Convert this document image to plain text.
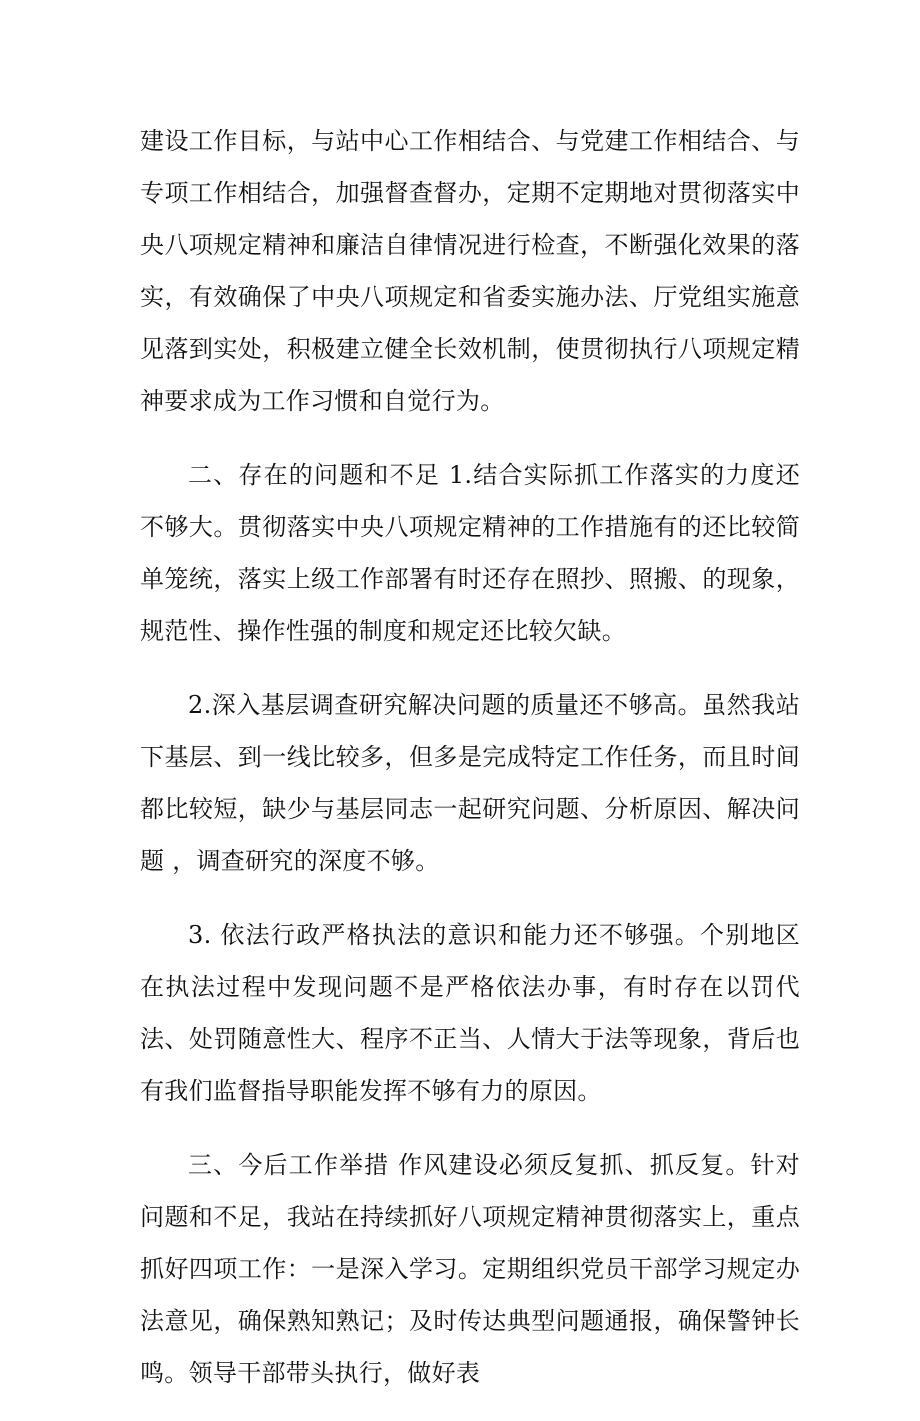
建设工作目标，与站中心工作相结合、与党建工作相结合、与专项工作相结合，加强督查督办，定期不定期地对贯彻落实中央八项规定精神和廉洁自律情况进行检查，不断强化效果的落实，有效确保了中央八项规定和省委实施办法、厅党组实施意见落到实处，积极建立健全长效机制，使贯彻执行八项规定精神要求成为工作习惯和自觉行为。

二、存在的问题和不足 1.结合实际抓工作落实的力度还不够大。贯彻落实中央八项规定精神的工作措施有的还比较简单笼统，落实上级工作部署有时还存在照抄、照搬、的现象，规范性、操作性强的制度和规定还比较欠缺。

2.深入基层调查研究解决问题的质量还不够高。虽然我站下基层、到一线比较多，但多是完成特定工作任务，而且时间都比较短，缺少与基层同志一起研究问题、分析原因、解决问题 ，调查研究的深度不够。

3. 依法行政严格执法的意识和能力还不够强。个别地区在执法过程中发现问题不是严格依法办事，有时存在以罚代法、处罚随意性大、程序不正当、人情大于法等现象，背后也有我们监督指导职能发挥不够有力的原因。

三、今后工作举措 作风建设必须反复抓、抓反复。针对问题和不足，我站在持续抓好八项规定精神贯彻落实上，重点抓好四项工作：一是深入学习。定期组织党员干部学习规定办法意见，确保熟知熟记；及时传达典型问题通报，确保警钟长鸣。领导干部带头执行，做好表
